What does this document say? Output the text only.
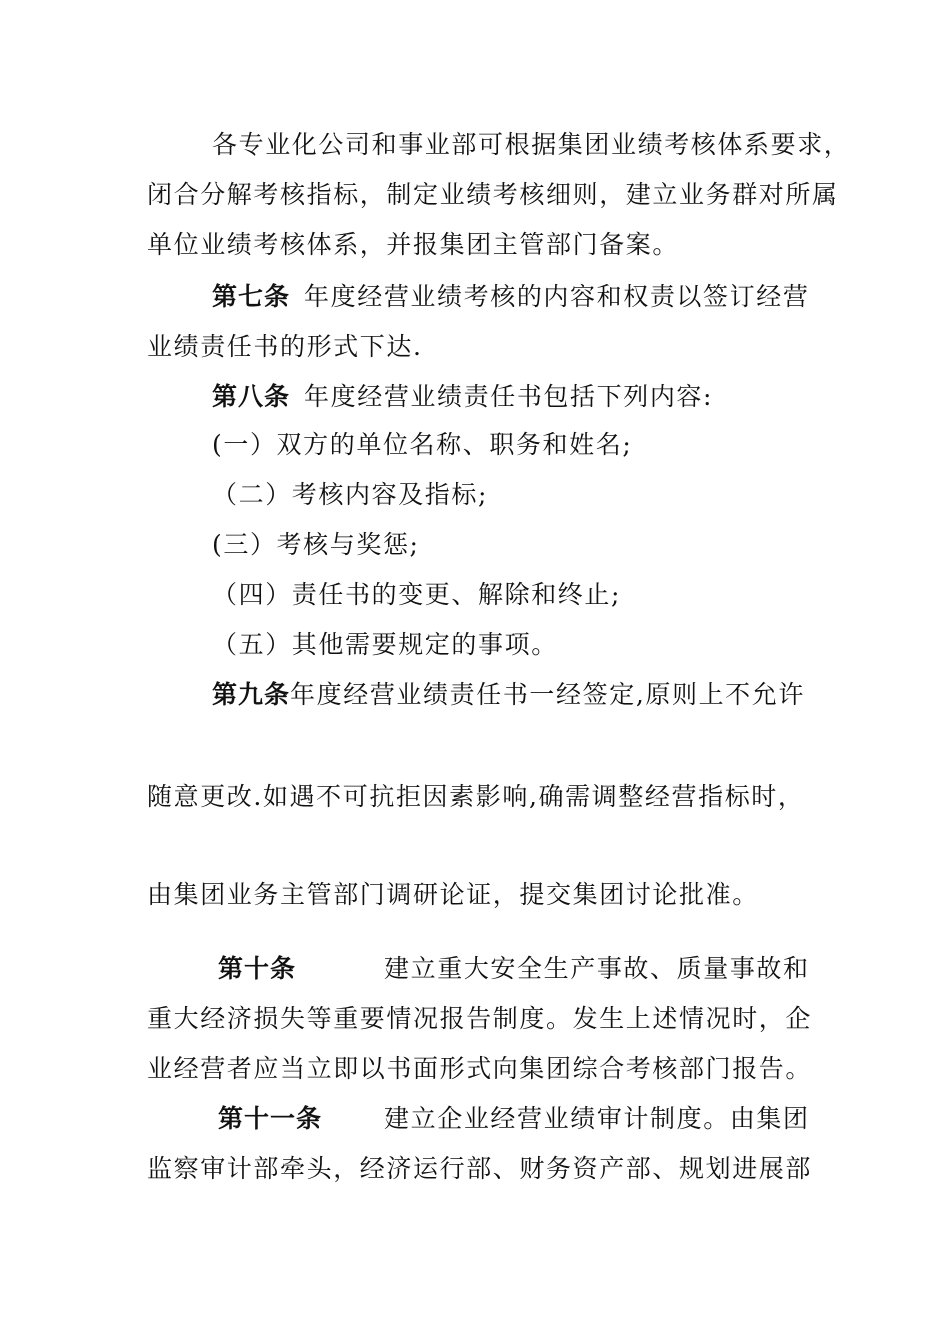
各专业化公司和事业部可根据集团业绩考核体系要求，
闭合分解考核指标，制定业绩考核细则，建立业务群对所属
单位业绩考核体系，并报集团主管部门备案。
第七条 年度经营业绩考核的内容和权责以签订经营
业绩责任书的形式下达.
第八条 年度经营业绩责任书包括下列内容:
(一）双方的单位名称、职务和姓名;
（二）考核内容及指标;
(三）考核与奖惩;
（四）责任书的变更、解除和终止;
（五）其他需要规定的事项。
第九条年度经营业绩责任书一经签定,原则上不允许
随意更改.如遇不可抗拒因素影响,确需调整经营指标时，
由集团业务主管部门调研论证，提交集团讨论批准。
第十条	建立重大安全生产事故、质量事故和
重大经济损失等重要情况报告制度。发生上述情况时，企
业经营者应当立即以书面形式向集团综合考核部门报告。
第十一条 建立企业经营业绩审计制度。由集团
监察审计部牵头，经济运行部、财务资产部、规划进展部
